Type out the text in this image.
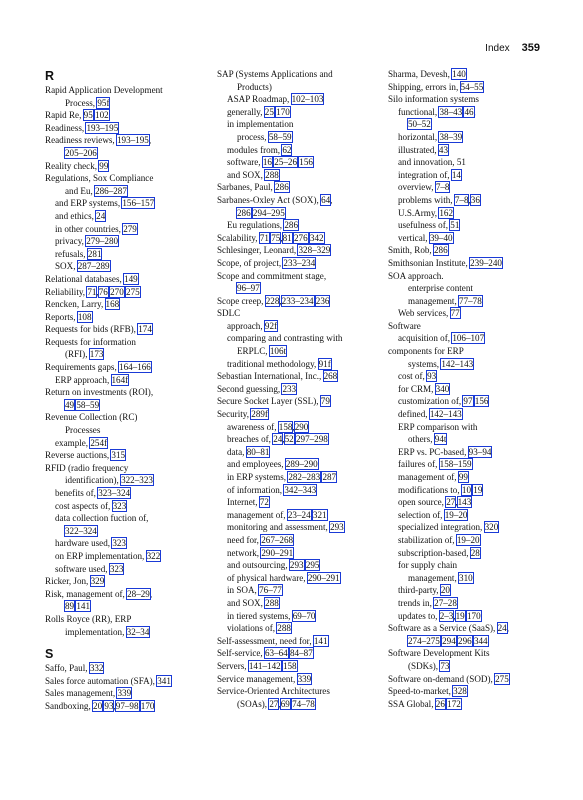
Index 359
R
Rapid Application Development
Process, 95f
Rapid Re, 95,102
Readiness, 193–195
Readiness reviews, 193–195,
205–206
Reality check, 99
Regulations, Sox Compliance
and Eu, 286–287
and ERP systems, 156–157
and ethics, 24
in other countries, 279
privacy, 279–280
refusals, 281
SOX, 287–289
Relational databases, 149
Reliability, 71,76,270,275
Rencken, Larry, 168
Reports, 108
Requests for bids (RFB), 174
Requests for information
(RFI), 173
Requirements gaps, 164–166
ERP approach, 164f
Return on investments (ROI),
49,58–59
Revenue Collection (RC)
Processes
example, 254f
Reverse auctions, 315
RFID (radio frequency
identification), 322–323
benefits of, 323–324
cost aspects of, 323
data collection fuction of,
322–324
hardware used, 323
on ERP implementation, 322
software used, 323
Ricker, Jon, 329
Risk, management of, 28–29,
89,141
Rolls Royce (RR), ERP
implementation, 32–34
S
Saffo, Paul, 332
Sales force automation (SFA), 341
Sales management, 339
Sandboxing, 20,93,97–98,170
SAP (Systems Applications and
Products)
ASAP Roadmap, 102–103
generally, 25,170
in implementation
process, 58–59
modules from, 62
software, 16,25–26,156
and SOX, 288
Sarbanes, Paul, 286
Sarbanes-Oxley Act (SOX), 64,
286,294–295
Eu regulations, 286
Scalability, 71,75,81,276,342
Schlesinger, Leonard, 328–329
Scope, of project, 233–234
Scope and commitment stage,
96–97
Scope creep, 228,233–234,236
SDLC
approach, 92f
comparing and contrasting with
ERPLC, 106t
traditional methodology, 91f
Sebastian International, Inc., 268
Second guessing, 233
Secure Socket Layer (SSL), 79
Security, 289f
awareness of, 158,290
breaches of, 24,52,297–298
data, 80–81
and employees, 289–290
in ERP systems, 282–283,287
of information, 342–343
Internet, 72
management of, 23–24,321
monitoring and assessment, 293
need for, 267–268
network, 290–291
and outsourcing, 293,295
of physical hardware, 290–291
in SOA, 76–77
and SOX, 288
in tiered systems, 69–70
violations of, 288
Self-assessment, need for, 141
Self-service, 63–64,84–87
Servers, 141–142,158
Service management, 339
Service-Oriented Architectures
(SOAs), 27,69,74–78
Sharma, Devesh, 140
Shipping, errors in, 54–55
Silo information systems
functional, 38–43,46,
50–52
horizontal, 38–39
illustrated, 43
and innovation, 51
integration of, 14
overview, 7–8
problems with, 7–8,36
U.S.Army, 162
usefulness of, 51
vertical, 39–40
Smith, Rob, 286
Smithsonian Institute, 239–240
SOA approach.
enterprise content
management, 77–78
Web services, 77
Software
acquisition of, 106–107
components for ERP
systems, 142–143
cost of, 93
for CRM, 340
customization of, 97,156
defined, 142–143
ERP comparison with
others, 94t
ERP vs. PC-based, 93–94
failures of, 158–159
management of, 99
modifications to, 10,19
open source, 27,143
selection of, 19–20
specialized integration, 320
stabilization of, 19–20
subscription-based, 28
for supply chain
management, 310
third-party, 20
trends in, 27–28
updates to, 2–3,19,170
Software as a Service (SaaS), 24,
274–275,294,296,344
Software Development Kits
(SDKs), 73
Software on-demand (SOD), 275
Speed-to-market, 328
SSA Global, 26,172
